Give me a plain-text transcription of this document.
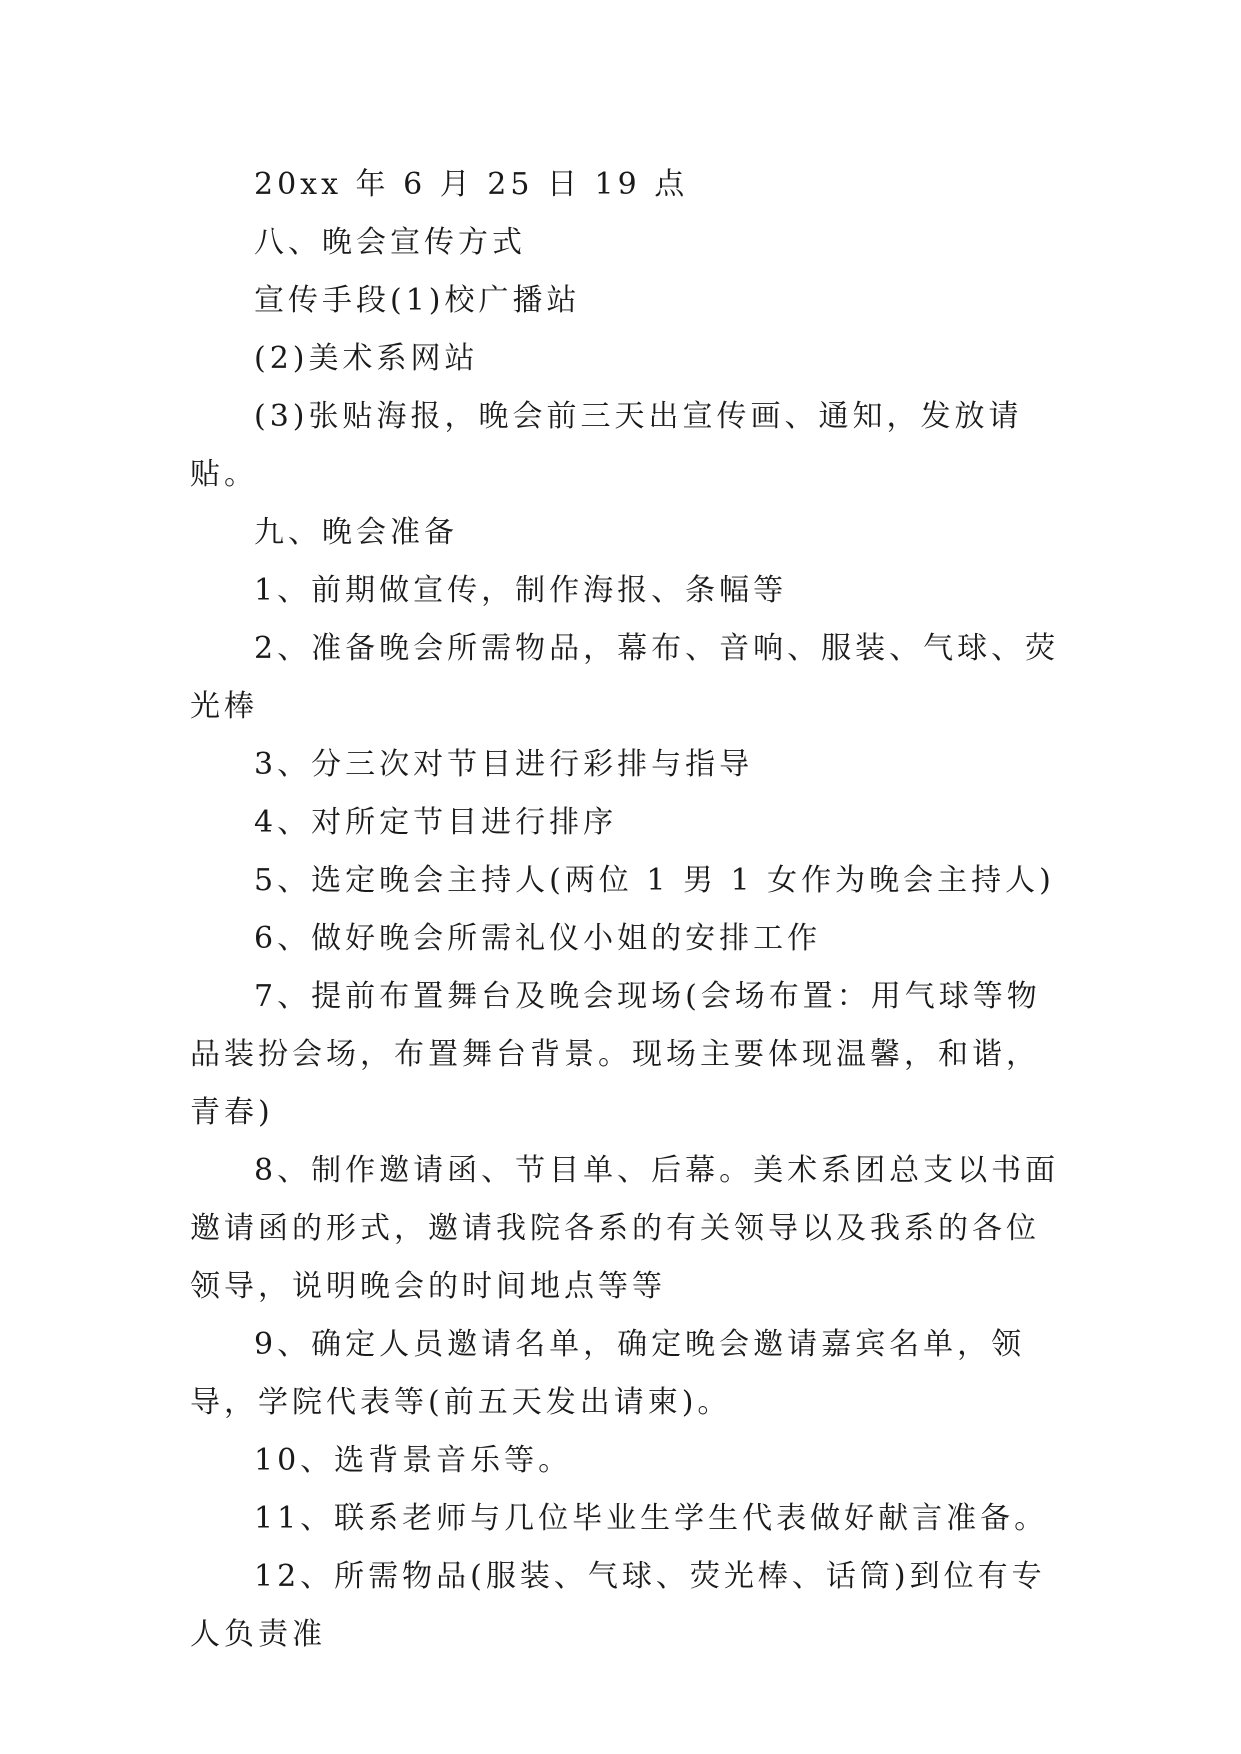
20xx 年 6 月 25 日 19 点

八、晚会宣传方式

宣传手段(1)校广播站

(2)美术系网站

(3)张贴海报，晚会前三天出宣传画、通知，发放请贴。

九、晚会准备

1、前期做宣传，制作海报、条幅等

2、准备晚会所需物品，幕布、音响、服装、气球、荧光棒

3、分三次对节目进行彩排与指导

4、对所定节目进行排序

5、选定晚会主持人(两位 1 男 1 女作为晚会主持人)

6、做好晚会所需礼仪小姐的安排工作

7、提前布置舞台及晚会现场(会场布置：用气球等物品装扮会场，布置舞台背景。现场主要体现温馨，和谐，青春)

8、制作邀请函、节目单、后幕。美术系团总支以书面邀请函的形式，邀请我院各系的有关领导以及我系的各位领导，说明晚会的时间地点等等

9、确定人员邀请名单，确定晚会邀请嘉宾名单，领导，学院代表等(前五天发出请柬)。

10、选背景音乐等。

11、联系老师与几位毕业生学生代表做好献言准备。

12、所需物品(服装、气球、荧光棒、话筒)到位有专人负责准
